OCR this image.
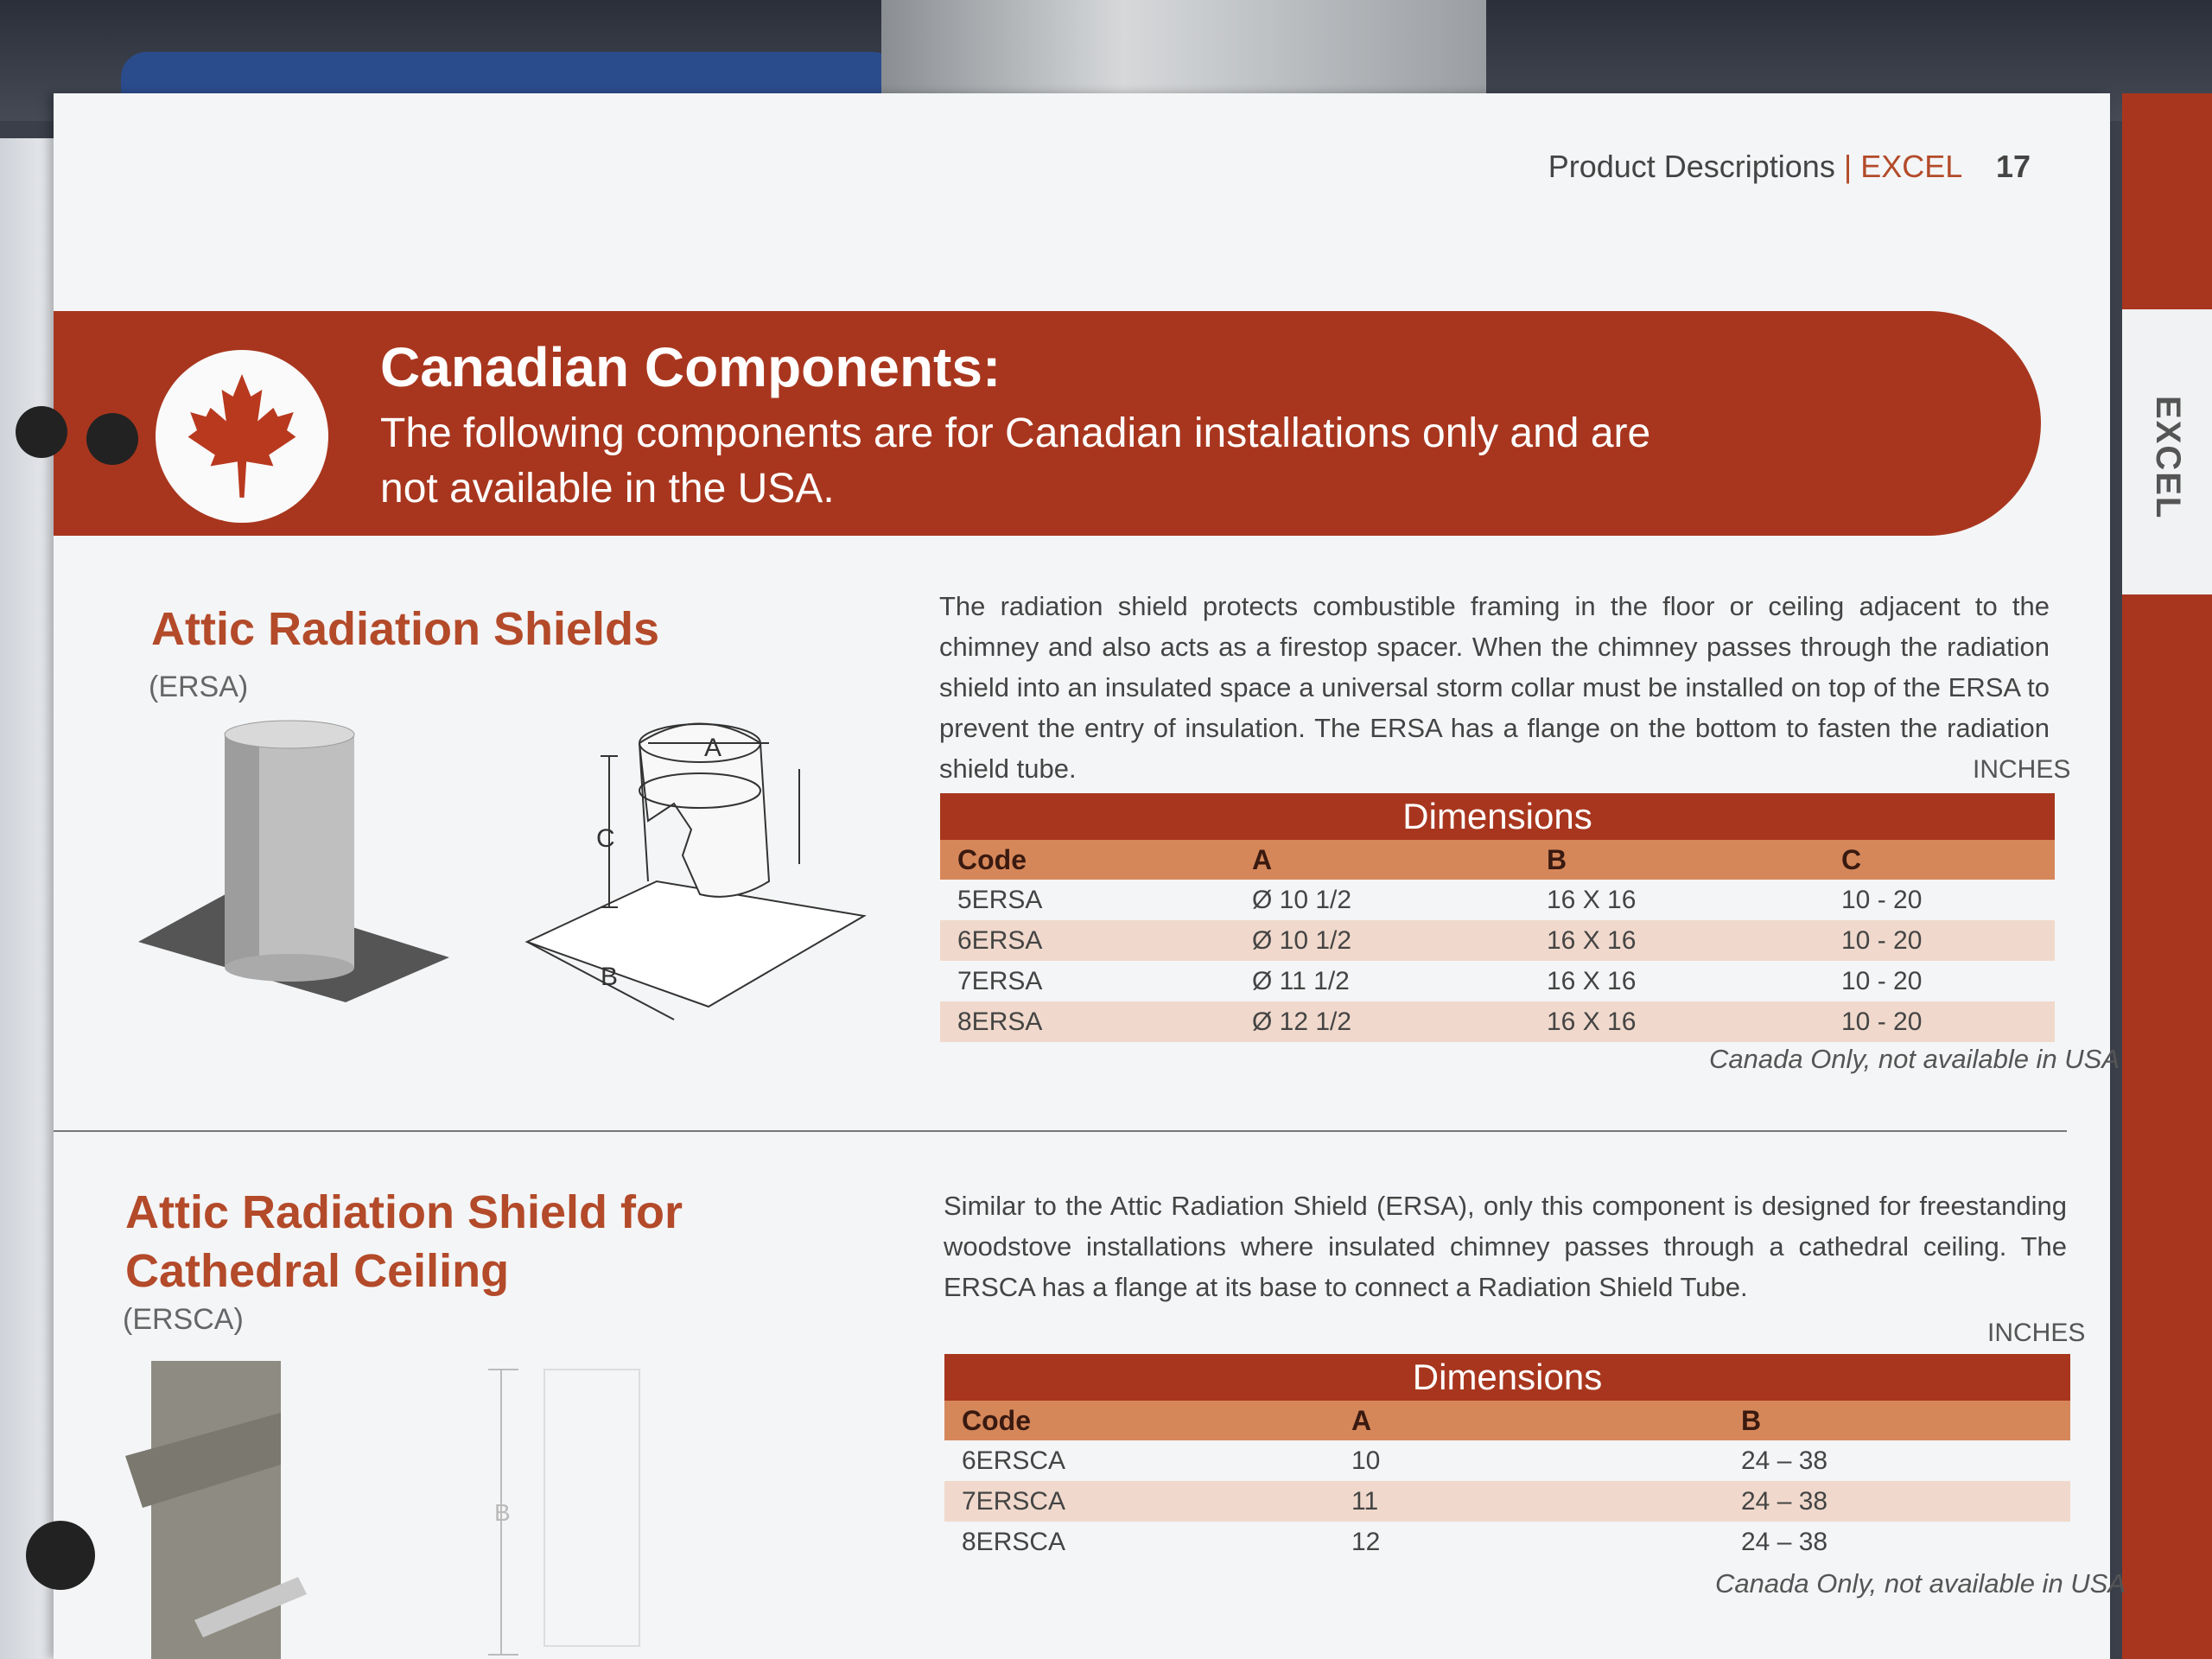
EXCEL
Product Descriptions | EXCEL 17
Canadian Components:
The following components are for Canadian installations only and are not available in the USA.
Attic Radiation Shields
(ERSA)
A
C
B
The radiation shield protects combustible framing in the floor or ceiling adjacent to the chimney and also acts as a firestop spacer. When the chimney passes through the radiation shield into an insulated space a universal storm collar must be installed on top of the ERSA to prevent the entry of insulation. The ERSA has a flange on the bottom to fasten the radiation shield tube.	INCHES
Dimensions			
Code	A	B	C
5ERSA	Ø 10 1/2	16 X 16	10 - 20
6ERSA	Ø 10 1/2	16 X 16	10 - 20
7ERSA	Ø 11 1/2	16 X 16	10 - 20
8ERSA	Ø 12 1/2	16 X 16	10 - 20
Canada Only, not available in USA
Attic Radiation Shield for
Cathedral Ceiling
(ERSCA)
B
Similar to the Attic Radiation Shield (ERSA), only this component is designed for freestanding woodstove installations where insulated chimney passes through a cathedral ceiling. The ERSCA has a flange at its base to connect a Radiation Shield Tube.
INCHES
Dimensions		
Code	A	B
6ERSCA	10	24 – 38
7ERSCA	11	24 – 38
8ERSCA	12	24 – 38
Canada Only, not available in USA
